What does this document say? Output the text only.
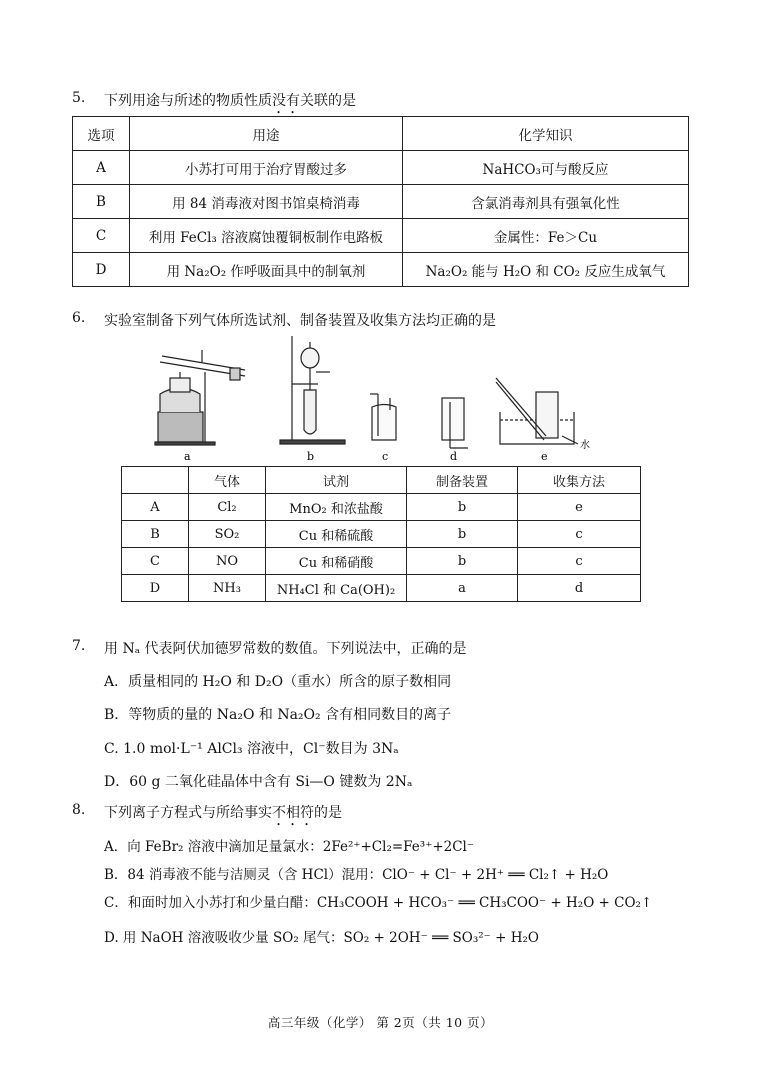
5. 下列用途与所述的物质性质没有关联的是
选项	用途	化学知识
A	小苏打可用于治疗胃酸过多	NaHCO₃可与酸反应
B	用 84 消毒液对图书馆桌椅消毒	含氯消毒剂具有强氧化性
C	利用 FeCl₃ 溶液腐蚀覆铜板制作电路板	金属性：Fe＞Cu
D	用 Na₂O₂ 作呼吸面具中的制氧剂	Na₂O₂ 能与 H₂O 和 CO₂ 反应生成氧气
6. 实验室制备下列气体所选试剂、制备装置及收集方法均正确的是
a	b	c	d	e
水
	气体	试剂	制备装置	收集方法
A	Cl₂	MnO₂ 和浓盐酸	b	e
B	SO₂	Cu 和稀硫酸	b	c
C	NO	Cu 和稀硝酸	b	c
D	NH₃	NH₄Cl 和 Ca(OH)₂	a	d
7. 用 Nₐ 代表阿伏加德罗常数的数值。下列说法中，正确的是
A．质量相同的 H₂O 和 D₂O（重水）所含的原子数相同
B．等物质的量的 Na₂O 和 Na₂O₂ 含有相同数目的离子
C. 1.0 mol·L⁻¹ AlCl₃ 溶液中，Cl⁻数目为 3Nₐ
D．60 g 二氧化硅晶体中含有 Si—O 键数为 2Nₐ
8. 下列离子方程式与所给事实不相符的是
A．向 FeBr₂ 溶液中滴加足量氯水：2Fe²⁺+Cl₂=Fe³⁺+2Cl⁻
B．84 消毒液不能与洁厕灵（含 HCl）混用：ClO⁻ + Cl⁻ + 2H⁺ ══ Cl₂↑ + H₂O
C．和面时加入小苏打和少量白醋：CH₃COOH + HCO₃⁻ ══ CH₃COO⁻ + H₂O + CO₂↑
D. 用 NaOH 溶液吸收少量 SO₂ 尾气：SO₂ + 2OH⁻ ══ SO₃²⁻ + H₂O
高三年级（化学） 第 2页（共 10 页）
